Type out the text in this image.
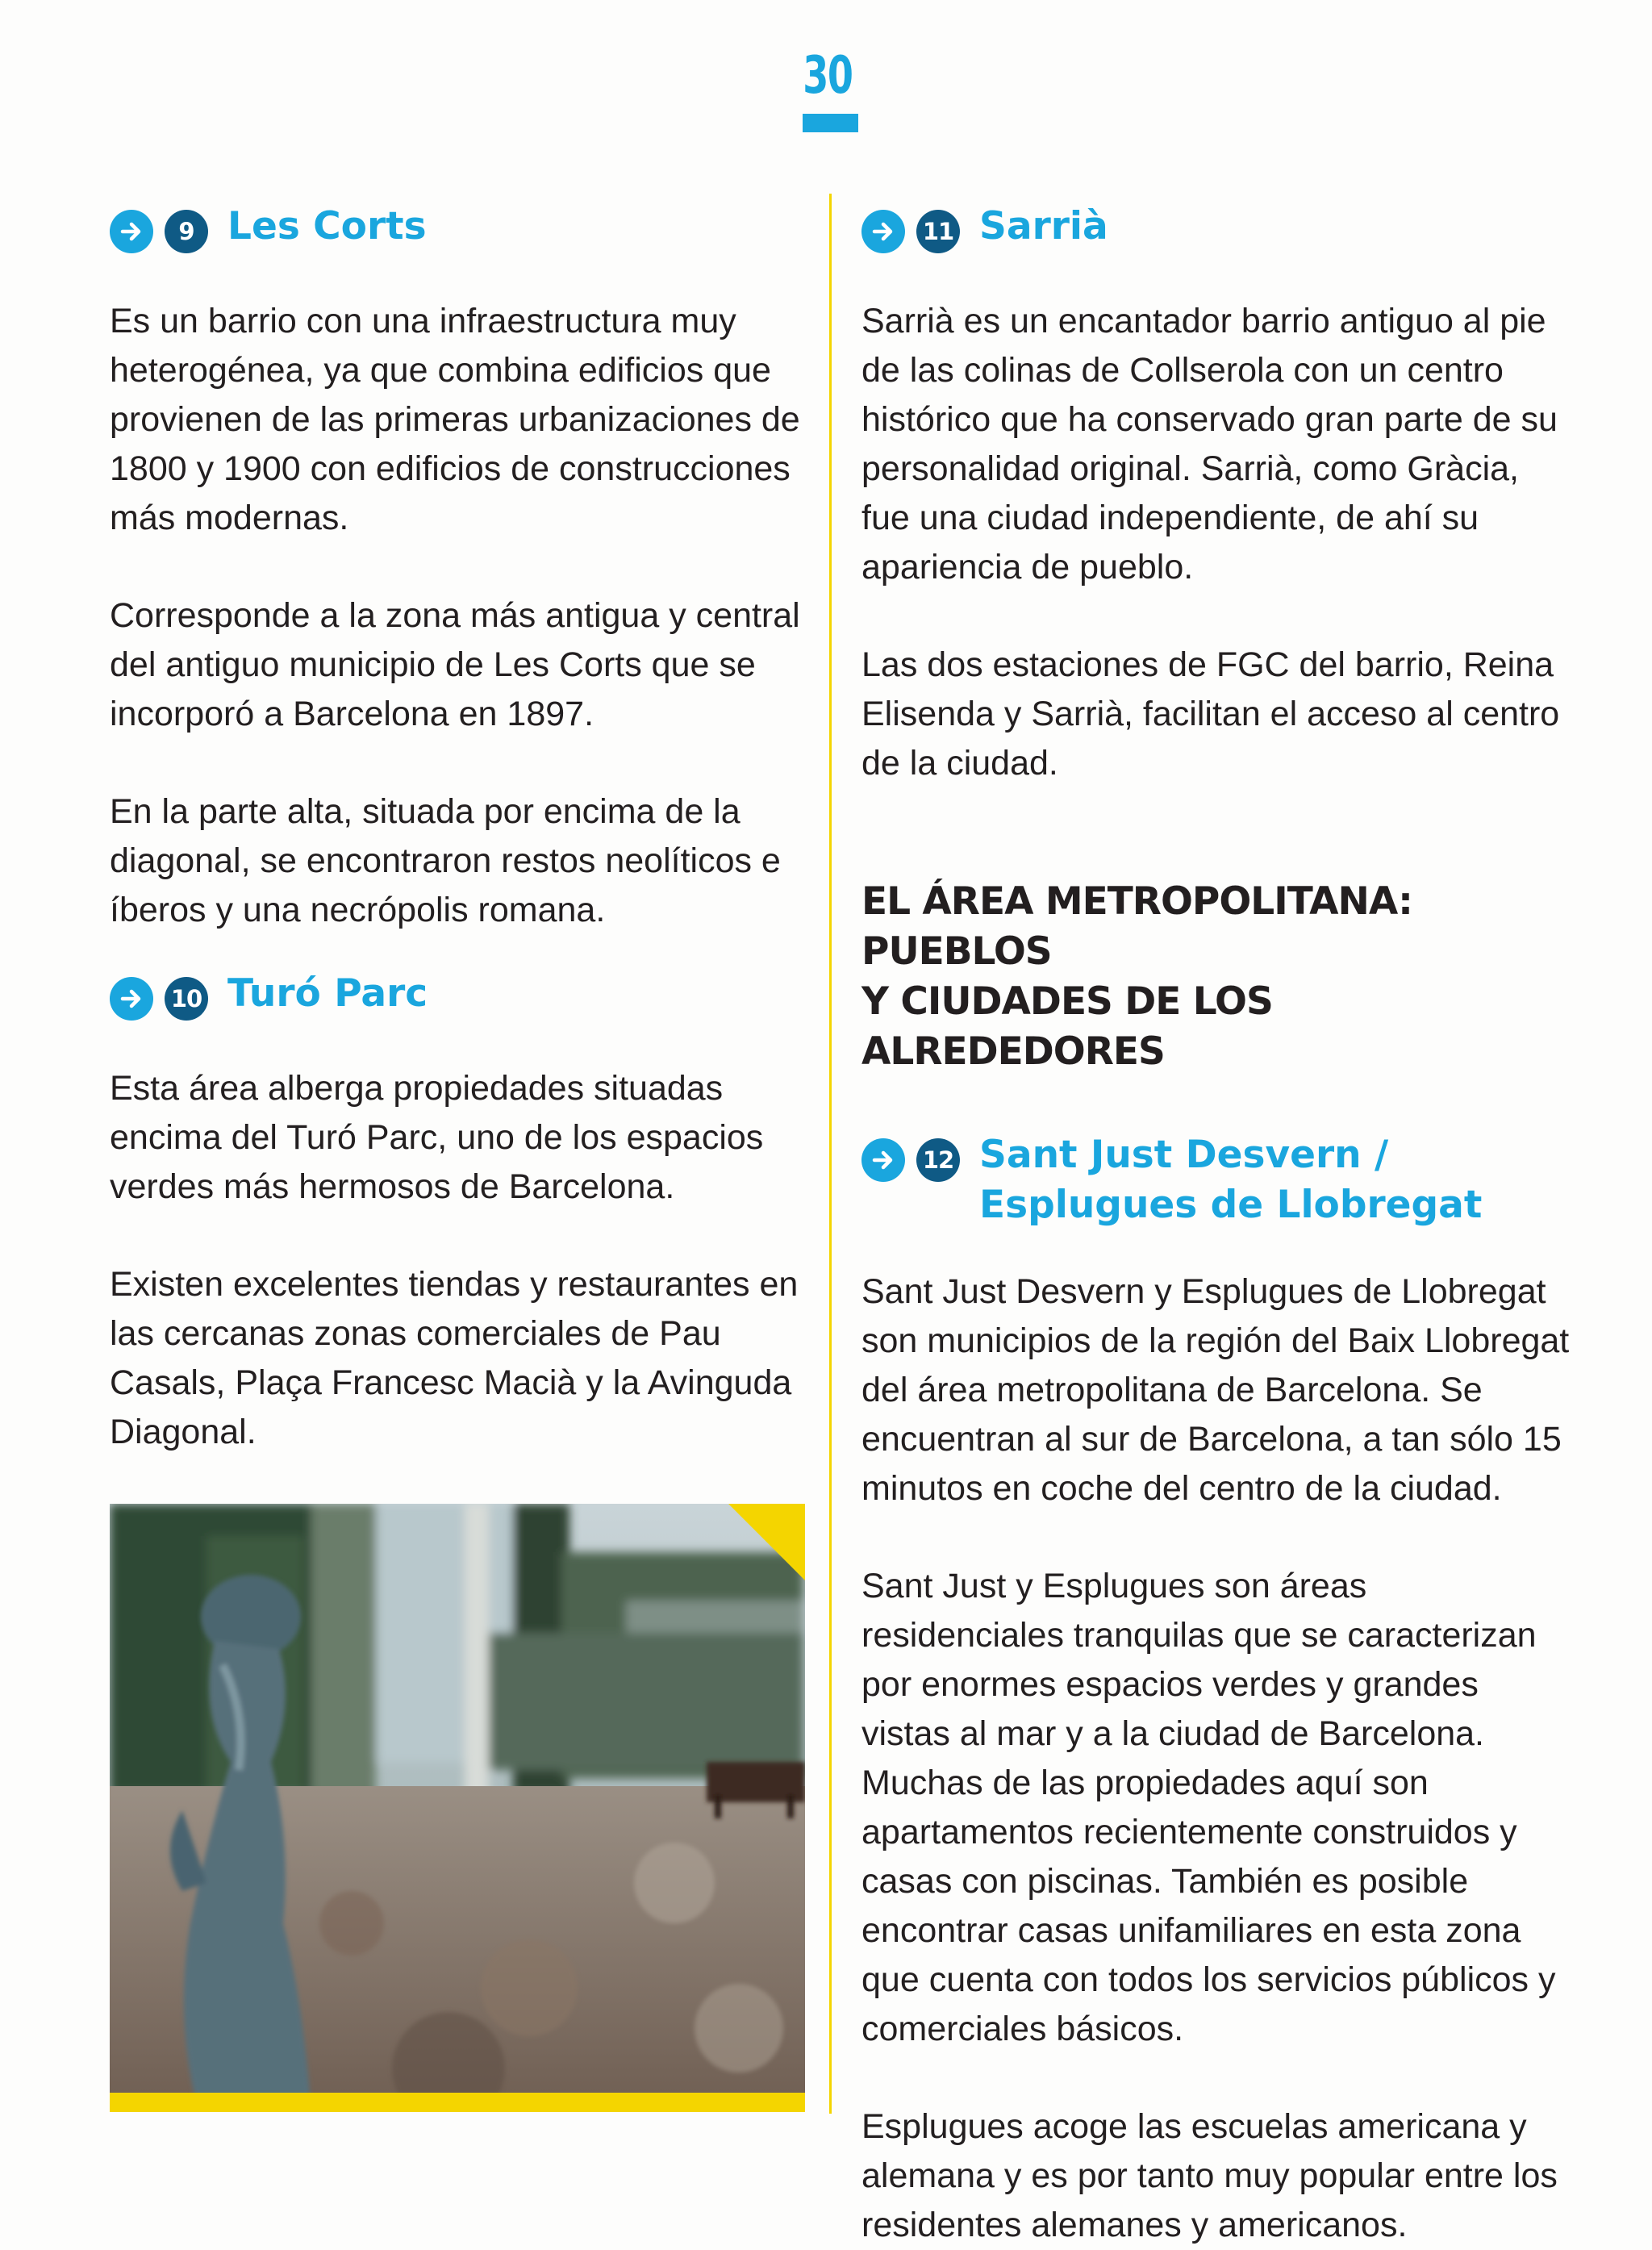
30
9 Les Corts

Es un barrio con una infraestructura muy heterogénea, ya que combina edificios que provienen de las primeras urbanizaciones de 1800 y 1900 con edificios de construcciones más modernas.

Corresponde a la zona más antigua y central del antiguo municipio de Les Corts que se incorporó a Barcelona en 1897.

En la parte alta, situada por encima de la diagonal, se encontraron restos neolíticos e íberos y una necrópolis romana.

10 Turó Parc

Esta área alberga propiedades situadas encima del Turó Parc, uno de los espacios verdes más hermosos de Barcelona.

Existen excelentes tiendas y restaurantes en las cercanas zonas comerciales de Pau Casals, Plaça Francesc Macià y la Avinguda Diagonal.

11 Sarrià

Sarrià es un encantador barrio antiguo al pie de las colinas de Collserola con un centro histórico que ha conservado gran parte de su personalidad original. Sarrià, como Gràcia, fue una ciudad independiente, de ahí su apariencia de pueblo.

Las dos estaciones de FGC del barrio, Reina Elisenda y Sarrià, facilitan el acceso al centro de la ciudad.

EL ÁREA METROPOLITANA: PUEBLOS

Y CIUDADES DE LOS ALREDEDORES

12 Sant Just Desvern /
Esplugues de Llobregat

Sant Just Desvern y Esplugues de Llobregat son municipios de la región del Baix Llobregat del área metropolitana de Barcelona. Se encuentran al sur de Barcelona, a tan sólo 15 minutos en coche del centro de la ciudad.

Sant Just y Esplugues son áreas residenciales tranquilas que se caracterizan por enormes espacios verdes y grandes vistas al mar y a la ciudad de Barcelona. Muchas de las propiedades aquí son apartamentos recientemente construidos y casas con piscinas. También es posible encontrar casas unifamiliares en esta zona que cuenta con todos los servicios públicos y comerciales básicos.

Esplugues acoge las escuelas americana y alemana y es por tanto muy popular entre los residentes alemanes y americanos.
